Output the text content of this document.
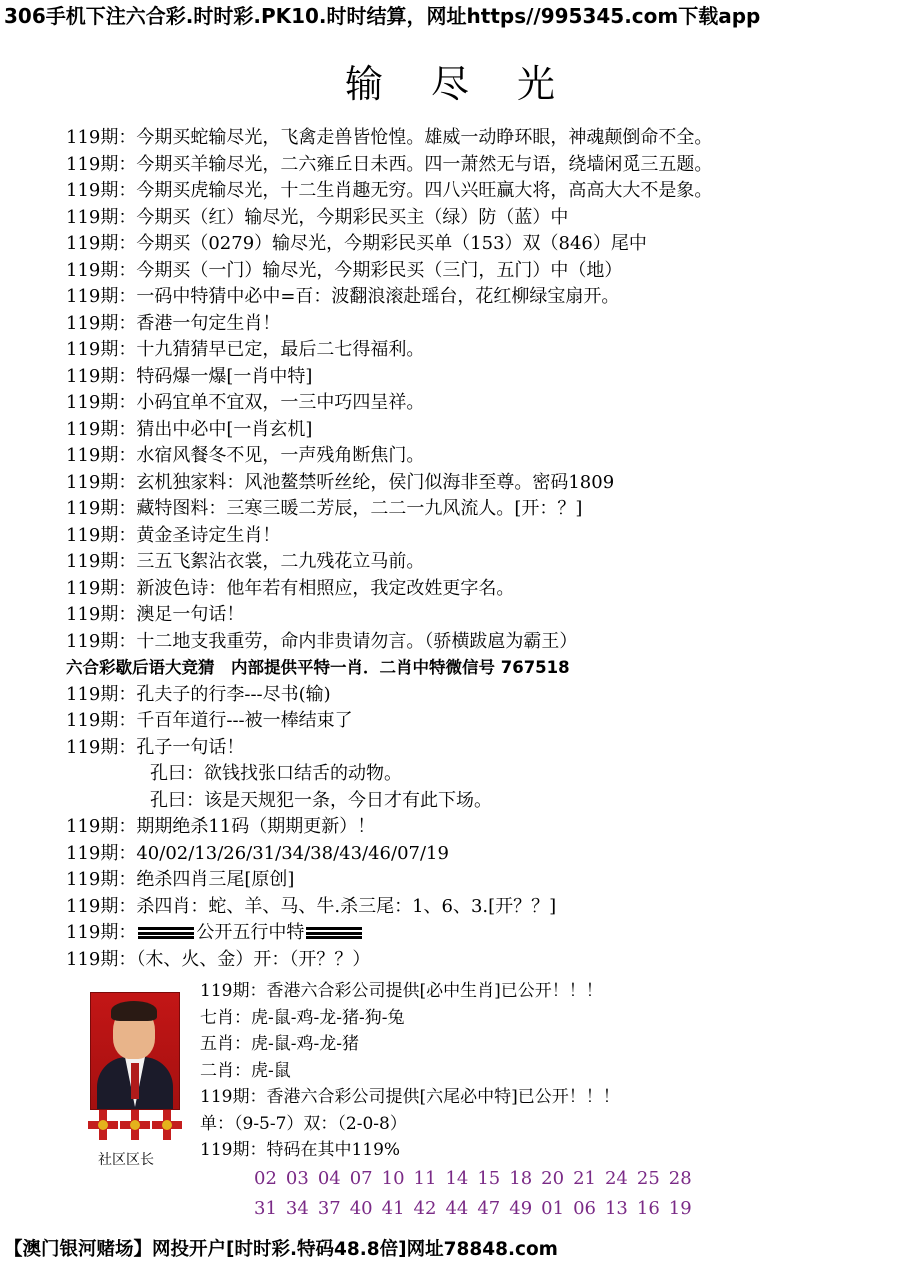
306手机下注六合彩.时时彩.PK10.时时结算，网址https//995345.com下载app
输尽光
119期：今期买蛇输尽光，飞禽走兽皆怆惶。雄威一动睁环眼，神魂颠倒命不全。
119期：今期买羊输尽光，二六雍丘日未西。四一萧然无与语，绕墙闲觅三五题。
119期：今期买虎输尽光，十二生肖趣无穷。四八兴旺赢大将，高高大大不是象。
119期：今期买（红）输尽光，今期彩民买主（绿）防（蓝）中
119期：今期买（0279）输尽光，今期彩民买单（153）双（846）尾中
119期：今期买（一门）输尽光，今期彩民买（三门，五门）中（地）
119期：一码中特猜中必中=百：波翻浪滚赴瑶台，花红柳绿宝扇开。
119期：香港一句定生肖！
119期：十九猜猜早已定，最后二七得福利。
119期：特码爆一爆[一肖中特]
119期：小码宜单不宜双，一三中巧四呈祥。
119期：猜出中必中[一肖玄机]
119期：水宿风餐冬不见，一声残角断焦门。
119期：玄机独家料：风池鳌禁听丝纶，侯门似海非至尊。密码1809
119期：藏特图料：三寒三暖二芳辰，二二一九风流人。[开：？]
119期：黄金圣诗定生肖！
119期：三五飞絮沾衣裳，二九残花立马前。
119期：新波色诗：他年若有相照应，我定改姓更字名。
119期：澳足一句话！
119期：十二地支我重劳，命内非贵请勿言。（骄横跋扈为霸王）
六合彩歇后语大竞猜　内部提供平特一肖．二肖中特微信号 767518
119期：孔夫子的行李---尽书(输)
119期：千百年道行---被一棒结束了
119期：孔子一句话！
孔曰：欲钱找张口结舌的动物。
孔曰：该是天规犯一条，今日才有此下场。
119期：期期绝杀11码（期期更新）！
119期：40/02/13/26/31/34/38/43/46/07/19
119期：绝杀四肖三尾[原创]
119期：杀四肖：蛇、羊、马、牛.杀三尾：1、6、3.[开？？]
119期：	公开五行中特
119期：（木、火、金）开：（开？？）
社区区长
119期：香港六合彩公司提供[必中生肖]已公开！！！
七肖：虎-鼠-鸡-龙-猪-狗-兔
五肖：虎-鼠-鸡-龙-猪
二肖：虎-鼠
119期：香港六合彩公司提供[六尾必中特]已公开！！！
单：（9-5-7）双：（2-0-8）
119期：特码在其中119%
02 03 04 07 10 11 14 15 18 20 21 24 25 28
31 34 37 40 41 42 44 47 49 01 06 13 16 19
【澳门银河赌场】网投开户[时时彩.特码48.8倍]网址78848.com
